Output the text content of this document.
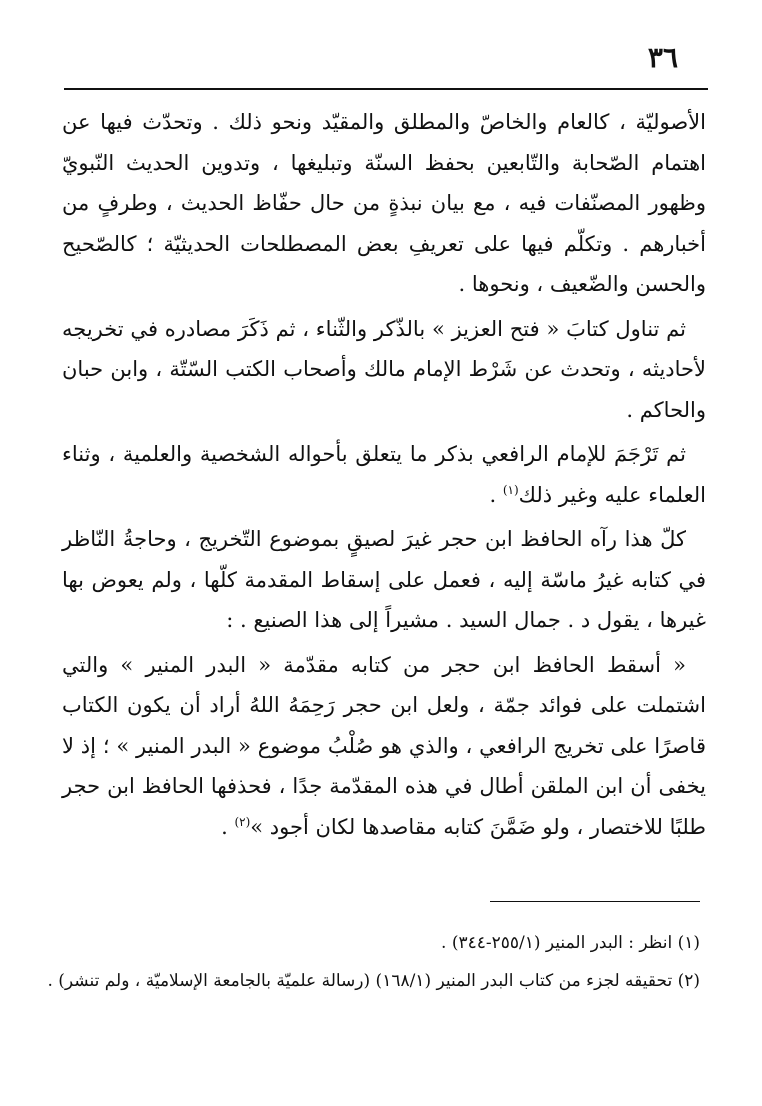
٣٦

الأصوليّة ، كالعام والخاصّ والمطلق والمقيّد ونحو ذلك . وتحدّث فيها عن اهتمام الصّحابة والتّابعين بحفظ السنّة وتبليغها ، وتدوين الحديث النّبويّ وظهور المصنّفات فيه ، مع بيان نبذةٍ من حال حفّاظ الحديث ، وطرفٍ من أخبارهم . وتكلّم فيها على تعريفِ بعض المصطلحات الحديثيّة ؛ كالصّحيح والحسن والضّعيف ، ونحوها .

ثم تناول كتابَ « فتح العزيز » بالذّكر والثّناء ، ثم ذَكَرَ مصادره في تخريجه لأحاديثه ، وتحدث عن شَرْط الإمام مالك وأصحاب الكتب السّتّة ، وابن حبان والحاكم .

ثم تَرْجَمَ للإمام الرافعي بذكر ما يتعلق بأحواله الشخصية والعلمية ، وثناء العلماء عليه وغير ذلك$^{(١)}$ .

كلّ هذا رآه الحافظ ابن حجر غيرَ لصيقٍ بموضوع التّخريج ، وحاجةُ النّاظر في كتابه غيرُ ماسّة إليه ، فعمل على إسقاط المقدمة كلّها ، ولم يعوض بها غيرها ، يقول د . جمال السيد . مشيراً إلى هذا الصنيع . :

« أسقط الحافظ ابن حجر من كتابه مقدّمة « البدر المنير » والتي اشتملت على فوائد جمّة ، ولعل ابن حجر رَحِمَهُ اللهُ أراد أن يكون الكتاب قاصرًا على تخريج الرافعي ، والذي هو صُلْبُ موضوع « البدر المنير » ؛ إذ لا يخفى أن ابن الملقن أطال في هذه المقدّمة جدًا ، فحذفها الحافظ ابن حجر طلبًا للاختصار ، ولو ضَمَّنَ كتابه مقاصدها لكان أجود »$^{(٢)}$ .

(١) انظر : البدر المنير (٢٥٥/١-٣٤٤) .

(٢) تحقيقه لجزء من كتاب البدر المنير (١٦٨/١) (رسالة علميّة بالجامعة الإسلاميّة ، ولم تنشر) .
